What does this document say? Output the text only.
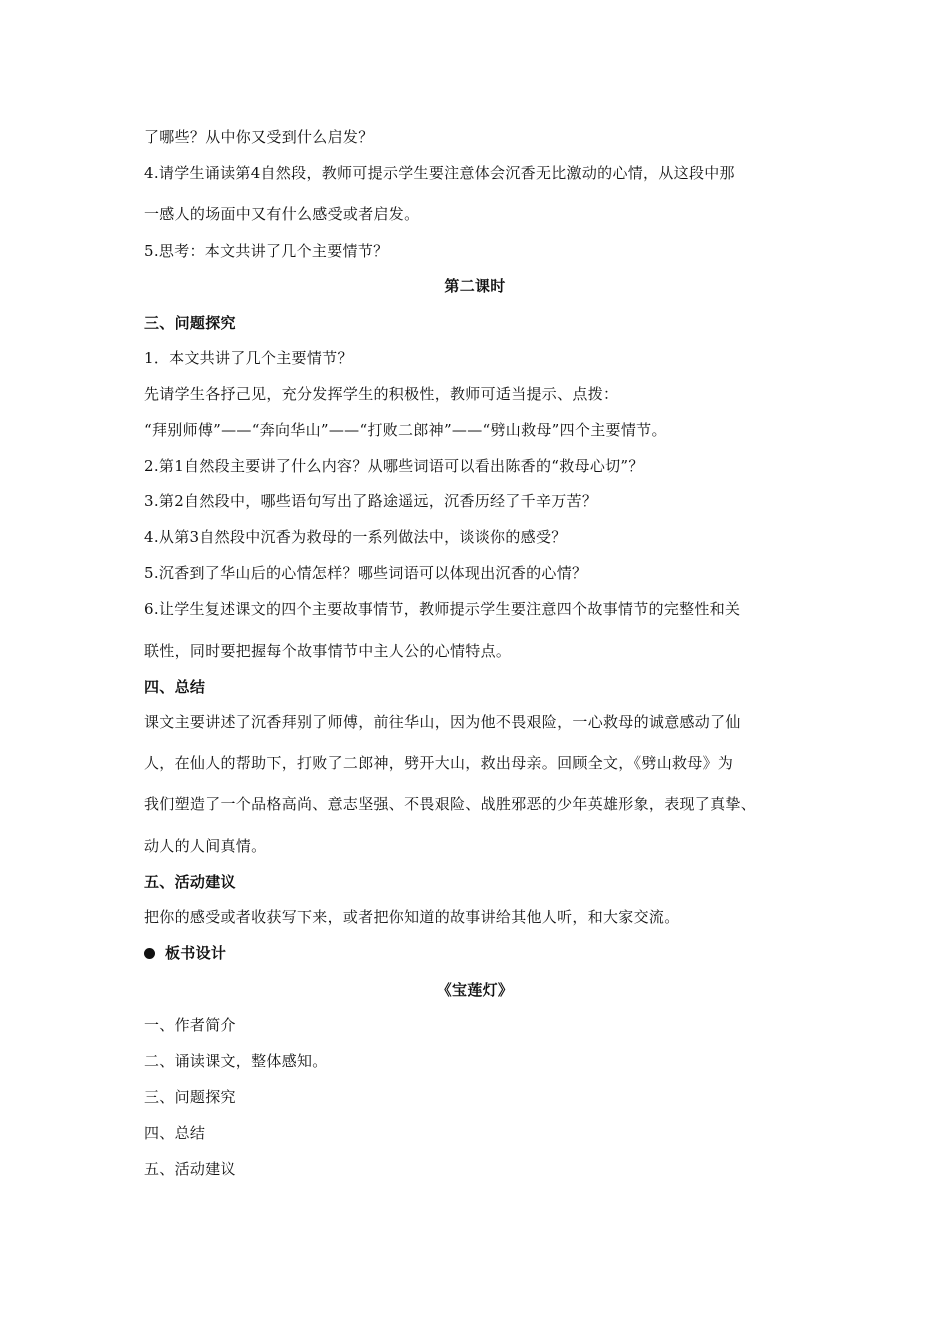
了哪些？从中你又受到什么启发？
4.请学生诵读第4自然段，教师可提示学生要注意体会沉香无比激动的心情，从这段中那
一感人的场面中又有什么感受或者启发。
5.思考：本文共讲了几个主要情节？
第二课时
三、问题探究
1．本文共讲了几个主要情节？
先请学生各抒己见，充分发挥学生的积极性，教师可适当提示、点拨：
“拜别师傅”——“奔向华山”——“打败二郎神”——“劈山救母”四个主要情节。
2.第1自然段主要讲了什么内容？从哪些词语可以看出陈香的“救母心切”？
3.第2自然段中，哪些语句写出了路途遥远，沉香历经了千辛万苦？
4.从第3自然段中沉香为救母的一系列做法中，谈谈你的感受？
5.沉香到了华山后的心情怎样？哪些词语可以体现出沉香的心情？
6.让学生复述课文的四个主要故事情节，教师提示学生要注意四个故事情节的完整性和关
联性，同时要把握每个故事情节中主人公的心情特点。
四、总结
课文主要讲述了沉香拜别了师傅，前往华山，因为他不畏艰险，一心救母的诚意感动了仙
人，在仙人的帮助下，打败了二郎神，劈开大山，救出母亲。回顾全文，《劈山救母》为
我们塑造了一个品格高尚、意志坚强、不畏艰险、战胜邪恶的少年英雄形象，表现了真挚、
动人的人间真情。
五、活动建议
把你的感受或者收获写下来，或者把你知道的故事讲给其他人听，和大家交流。
板书设计
《宝莲灯》
一、作者简介
二、诵读课文，整体感知。
三、问题探究
四、总结
五、活动建议
